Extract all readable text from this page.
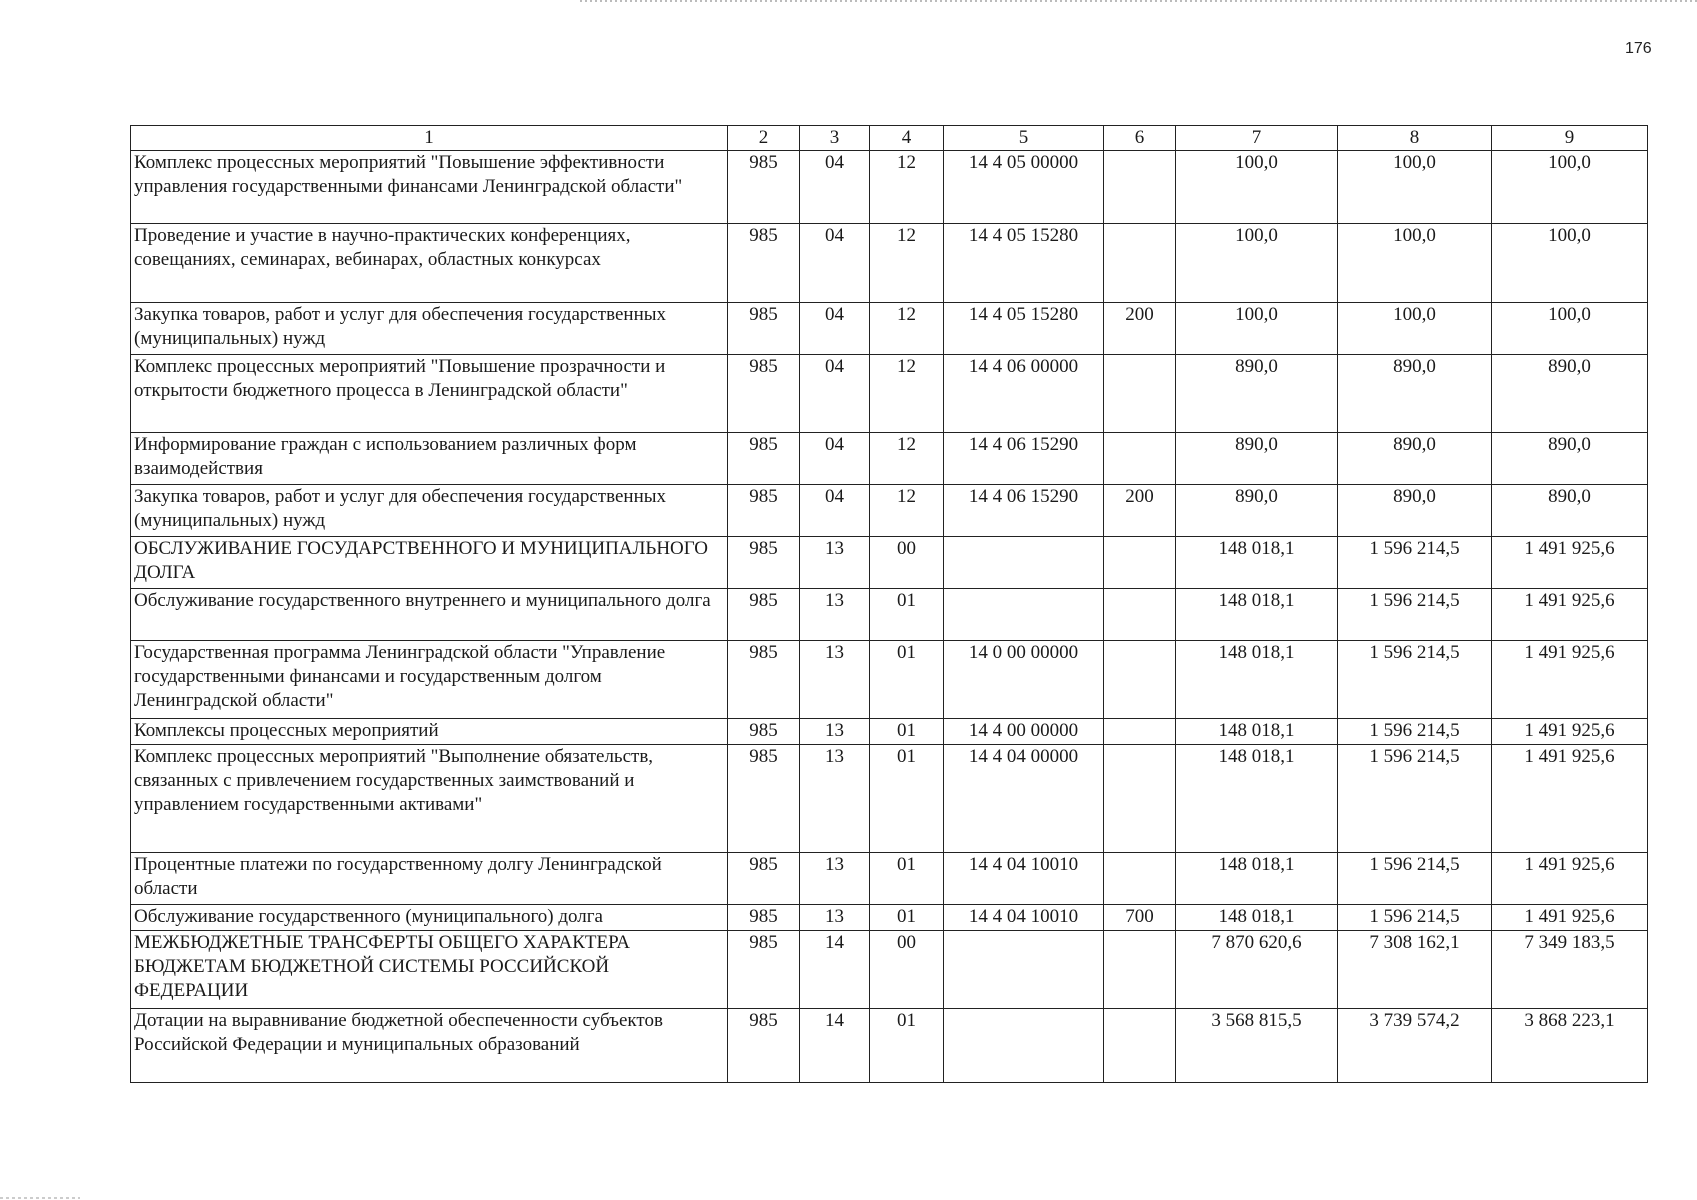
176
1	2	3	4	5	6	7	8	9
Комплекс процессных мероприятий "Повышение эффективности управления государственными финансами Ленинградской области"	985	04	12	14 4 05 00000		100,0	100,0	100,0
Проведение и участие в научно-практических конференциях, совещаниях, семинарах, вебинарах, областных конкурсах	985	04	12	14 4 05 15280		100,0	100,0	100,0
Закупка товаров, работ и услуг для обеспечения государственных (муниципальных) нужд	985	04	12	14 4 05 15280	200	100,0	100,0	100,0
Комплекс процессных мероприятий "Повышение прозрачности и открытости бюджетного процесса в Ленинградской области"	985	04	12	14 4 06 00000		890,0	890,0	890,0
Информирование граждан с использованием различных форм взаимодействия	985	04	12	14 4 06 15290		890,0	890,0	890,0
Закупка товаров, работ и услуг для обеспечения государственных (муниципальных) нужд	985	04	12	14 4 06 15290	200	890,0	890,0	890,0
ОБСЛУЖИВАНИЕ ГОСУДАРСТВЕННОГО И МУНИЦИПАЛЬНОГО ДОЛГА	985	13	00			148 018,1	1 596 214,5	1 491 925,6
Обслуживание государственного внутреннего и муниципального долга	985	13	01			148 018,1	1 596 214,5	1 491 925,6
Государственная программа Ленинградской области "Управление государственными финансами и государственным долгом Ленинградской области"	985	13	01	14 0 00 00000		148 018,1	1 596 214,5	1 491 925,6
Комплексы процессных мероприятий	985	13	01	14 4 00 00000		148 018,1	1 596 214,5	1 491 925,6
Комплекс процессных мероприятий "Выполнение обязательств, связанных с привлечением государственных заимствований и управлением государственными активами"	985	13	01	14 4 04 00000		148 018,1	1 596 214,5	1 491 925,6
Процентные платежи по государственному долгу Ленинградской области	985	13	01	14 4 04 10010		148 018,1	1 596 214,5	1 491 925,6
Обслуживание государственного (муниципального) долга	985	13	01	14 4 04 10010	700	148 018,1	1 596 214,5	1 491 925,6
МЕЖБЮДЖЕТНЫЕ ТРАНСФЕРТЫ ОБЩЕГО ХАРАКТЕРА БЮДЖЕТАМ БЮДЖЕТНОЙ СИСТЕМЫ РОССИЙСКОЙ ФЕДЕРАЦИИ	985	14	00			7 870 620,6	7 308 162,1	7 349 183,5
Дотации на выравнивание бюджетной обеспеченности субъектов Российской Федерации и муниципальных образований	985	14	01			3 568 815,5	3 739 574,2	3 868 223,1
